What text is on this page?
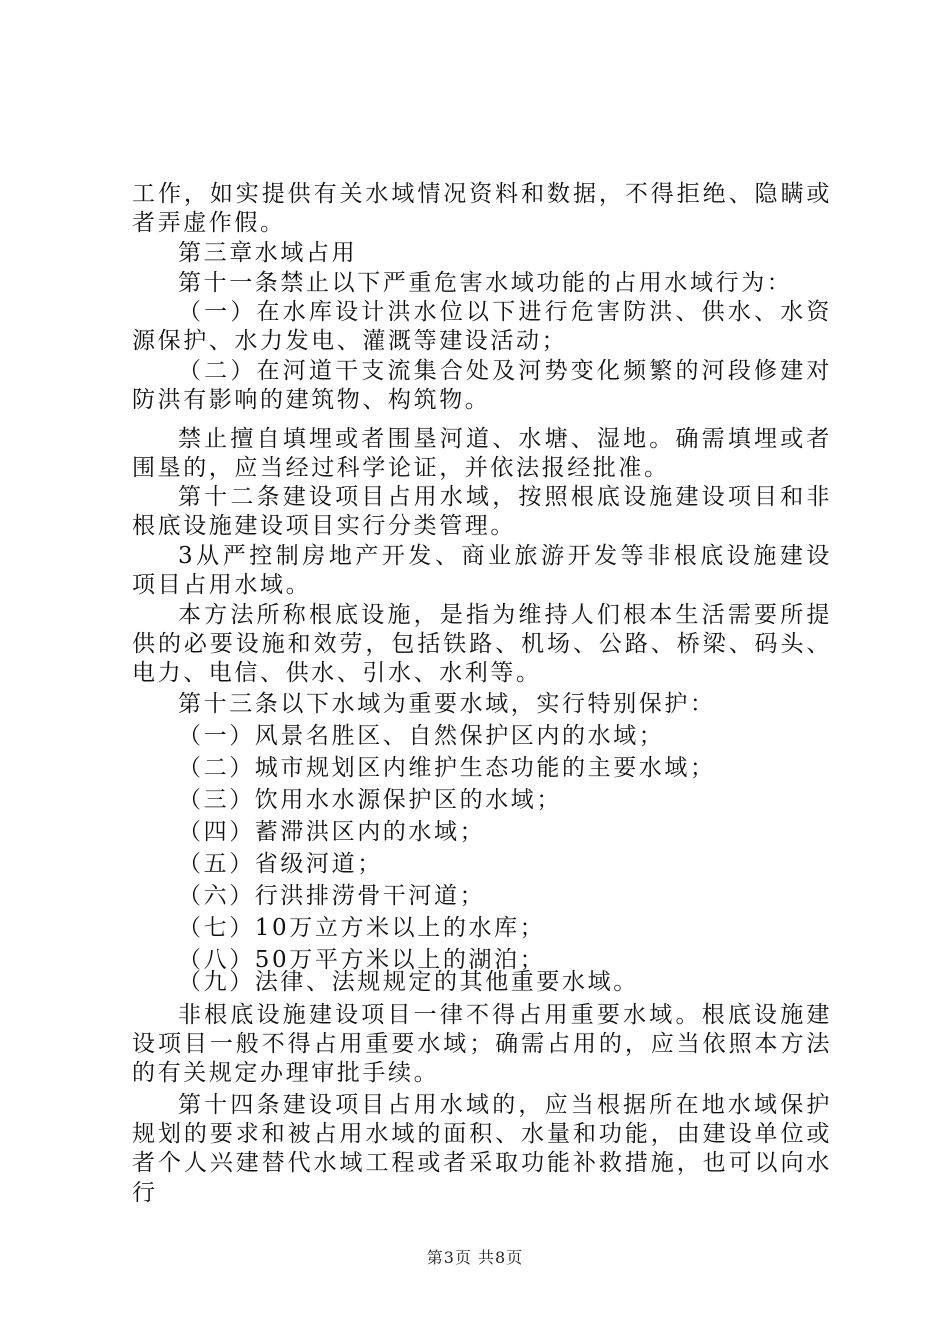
工作，如实提供有关水域情况资料和数据，不得拒绝、隐瞒或者弄虚作假。

第三章水域占用

第十一条禁止以下严重危害水域功能的占用水域行为：

（一）在水库设计洪水位以下进行危害防洪、供水、水资源保护、水力发电、灌溉等建设活动；

（二）在河道干支流集合处及河势变化频繁的河段修建对防洪有影响的建筑物、构筑物。

禁止擅自填埋或者围垦河道、水塘、湿地。确需填埋或者围垦的，应当经过科学论证，并依法报经批准。

第十二条建设项目占用水域，按照根底设施建设项目和非根底设施建设项目实行分类管理。

3从严控制房地产开发、商业旅游开发等非根底设施建设项目占用水域。

本方法所称根底设施，是指为维持人们根本生活需要所提供的必要设施和效劳，包括铁路、机场、公路、桥梁、码头、电力、电信、供水、引水、水利等。

第十三条以下水域为重要水域，实行特别保护：

（一）风景名胜区、自然保护区内的水域；

（二）城市规划区内维护生态功能的主要水域；

（三）饮用水水源保护区的水域；

（四）蓄滞洪区内的水域；

（五）省级河道；

（六）行洪排涝骨干河道；

（七）10万立方米以上的水库；

（八）50万平方米以上的湖泊；

（九）法律、法规规定的其他重要水域。

非根底设施建设项目一律不得占用重要水域。根底设施建设项目一般不得占用重要水域；确需占用的，应当依照本方法的有关规定办理审批手续。

第十四条建设项目占用水域的，应当根据所在地水域保护规划的要求和被占用水域的面积、水量和功能，由建设单位或者个人兴建替代水域工程或者采取功能补救措施，也可以向水行

第3页 共8页
